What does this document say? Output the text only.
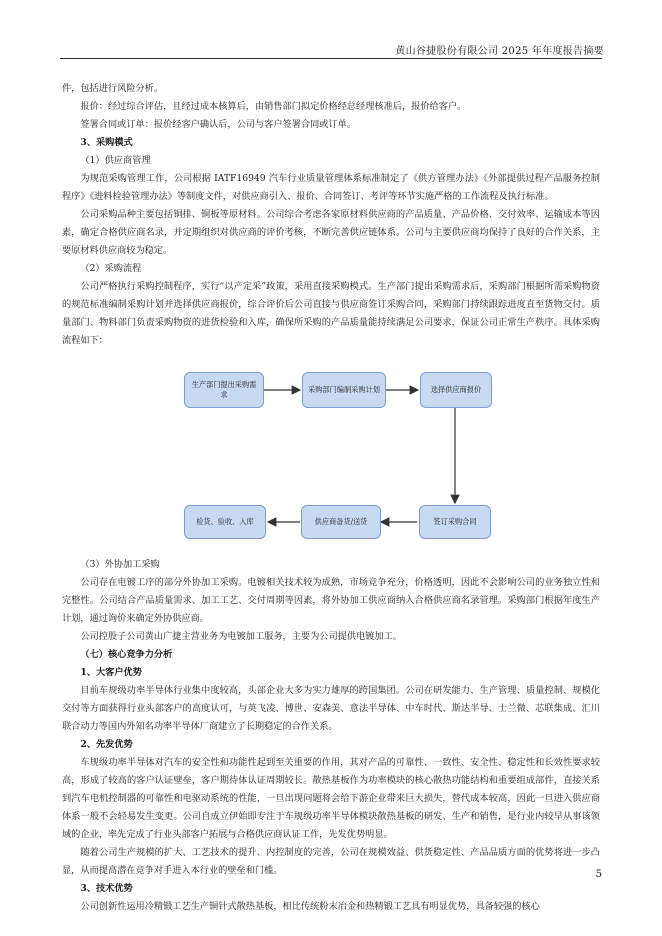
黄山谷捷股份有限公司 2025 年年度报告摘要

件，包括进行风险分析。

报价：经过综合评估，且经过成本核算后，由销售部门拟定价格经总经理核准后，报价给客户。

签署合同或订单：报价经客户确认后，公司与客户签署合同或订单。

3、采购模式

（1）供应商管理

为规范采购管理工作，公司根据 IATF16949 汽车行业质量管理体系标准制定了《供方管理办法》《外部提供过程产品服务控制程序》《进料检验管理办法》等制度文件，对供应商引入、报价、合同签订、考评等环节实施严格的工作流程及执行标准。

公司采购品种主要包括铜排、铜板等原材料。公司综合考虑各家原材料供应商的产品质量、产品价格、交付效率、运输成本等因素，确定合格供应商名录，并定期组织对供应商的评价考核，不断完善供应链体系。公司与主要供应商均保持了良好的合作关系，主要原材料供应商较为稳定。

（2）采购流程

公司严格执行采购控制程序，实行“以产定采”政策，采用直接采购模式。生产部门提出采购需求后，采购部门根据所需采购物资的规范标准编制采购计划并选择供应商报价，综合评价后公司直接与供应商签订采购合同，采购部门持续跟踪进度直至货物交付。质量部门、物料部门负责采购物资的进货检验和入库，确保所采购的产品质量能持续满足公司要求，保证公司正常生产秩序。具体采购流程如下：

生产部门提出采购需求
采购部门编制采购计划	选择供应商报价
签订采购合同
供应商备货/送货
检货、验收、入库

（3）外协加工采购

公司存在电镀工序的部分外协加工采购。电镀相关技术较为成熟，市场竞争充分，价格透明，因此不会影响公司的业务独立性和完整性。公司结合产品质量需求、加工工艺、交付周期等因素，将外协加工供应商纳入合格供应商名录管理。采购部门根据年度生产计划，通过询价来确定外协供应商。

公司控股子公司黄山广捷主营业务为电镀加工服务，主要为公司提供电镀加工。

（七）核心竞争力分析

1、大客户优势

目前车规级功率半导体行业集中度较高，头部企业大多为实力雄厚的跨国集团。公司在研发能力、生产管理、质量控制、规模化交付等方面获得行业头部客户的高度认可，与英飞凌、博世、安森美、意法半导体、中车时代、斯达半导、士兰微、芯联集成、汇川联合动力等国内外知名功率半导体厂商建立了长期稳定的合作关系。

2、先发优势

车规级功率半导体对汽车的安全性和功能性起到至关重要的作用，其对产品的可靠性、一致性、安全性、稳定性和长效性要求较高，形成了较高的客户认证壁垒，客户期待体认证周期较长。散热基板作为功率模块的核心散热功能结构和重要组成部件，直接关系到汽车电机控制器的可靠性和电驱动系统的性能，一旦出现问题将会给下游企业带来巨大损失，替代成本较高，因此一旦进入供应商体系一般不会轻易发生变更。公司自成立伊始即专注于车规级功率半导体模块散热基板的研发、生产和销售，是行业内较早从事该领域的企业，率先完成了行业头部客户拓展与合格供应商认证工作，先发优势明显。

随着公司生产规模的扩大、工艺技术的提升、内控制度的完善，公司在规模效益、供货稳定性、产品品质方面的优势将进一步凸显，从而提高潜在竞争对手进入本行业的壁垒和门槛。

3、技术优势

公司创新性运用冷精锻工艺生产铜针式散热基板，相比传统粉末冶金和热精锻工艺具有明显优势，具备较强的核心

5
